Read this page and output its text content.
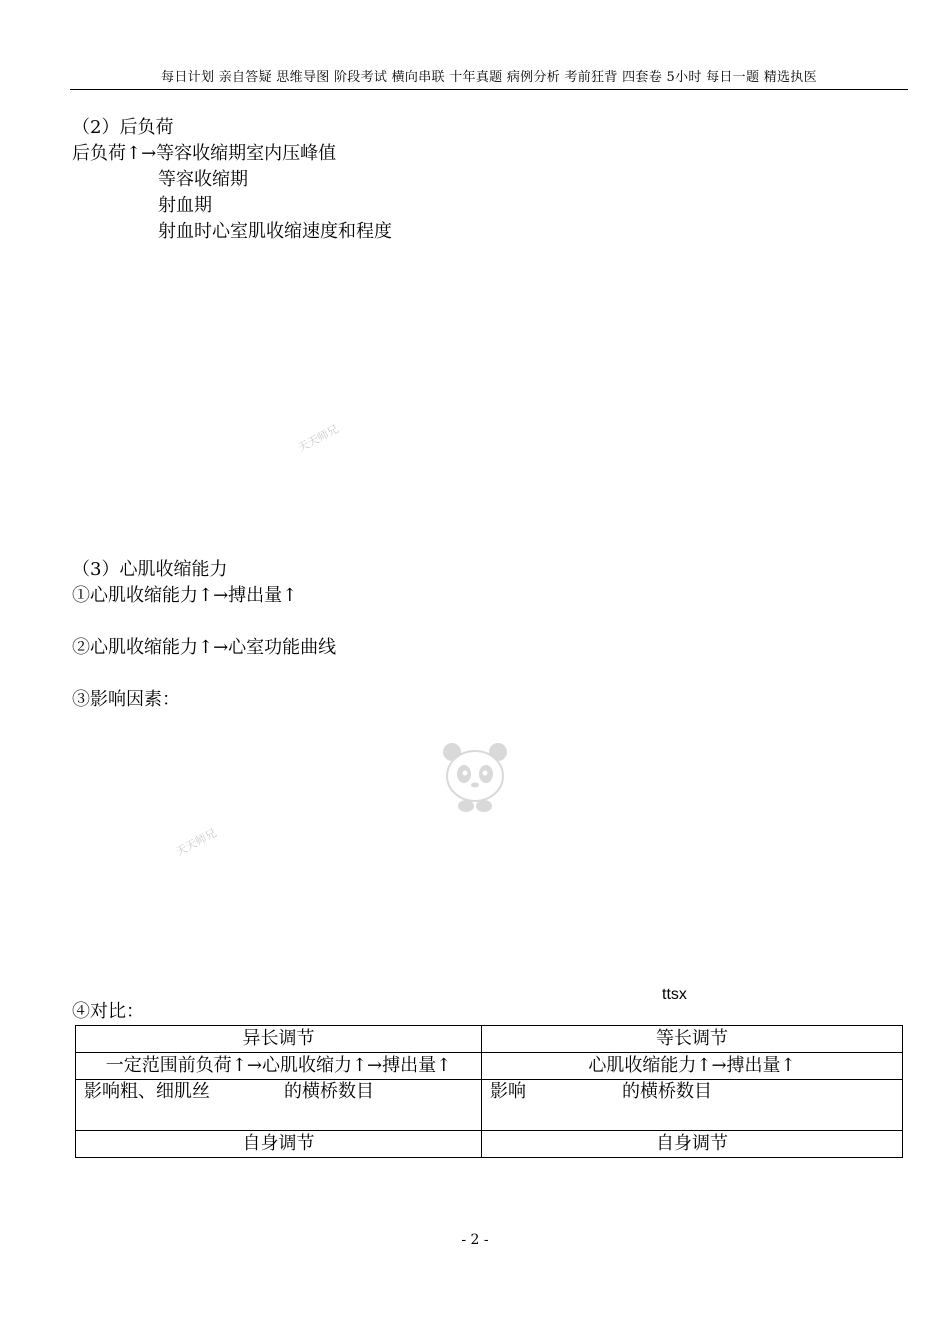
每日计划 亲自答疑 思维导图 阶段考试 横向串联 十年真题 病例分析 考前狂背 四套卷 5小时 每日一题 精选执医
（2）后负荷
后负荷↑→等容收缩期室内压峰值
等容收缩期
射血期
射血时心室肌收缩速度和程度
（3）心肌收缩能力
①心肌收缩能力↑→搏出量↑
②心肌收缩能力↑→心室功能曲线
③影响因素：
ttsx
④对比：
异长调节	等长调节
一定范围前负荷↑→心肌收缩力↑→搏出量↑	心肌收缩能力↑→搏出量↑
影响粗、细肌丝 的横桥数目	影响 的横桥数目
自身调节	自身调节
- 2 -
天天师兄
天天师兄
